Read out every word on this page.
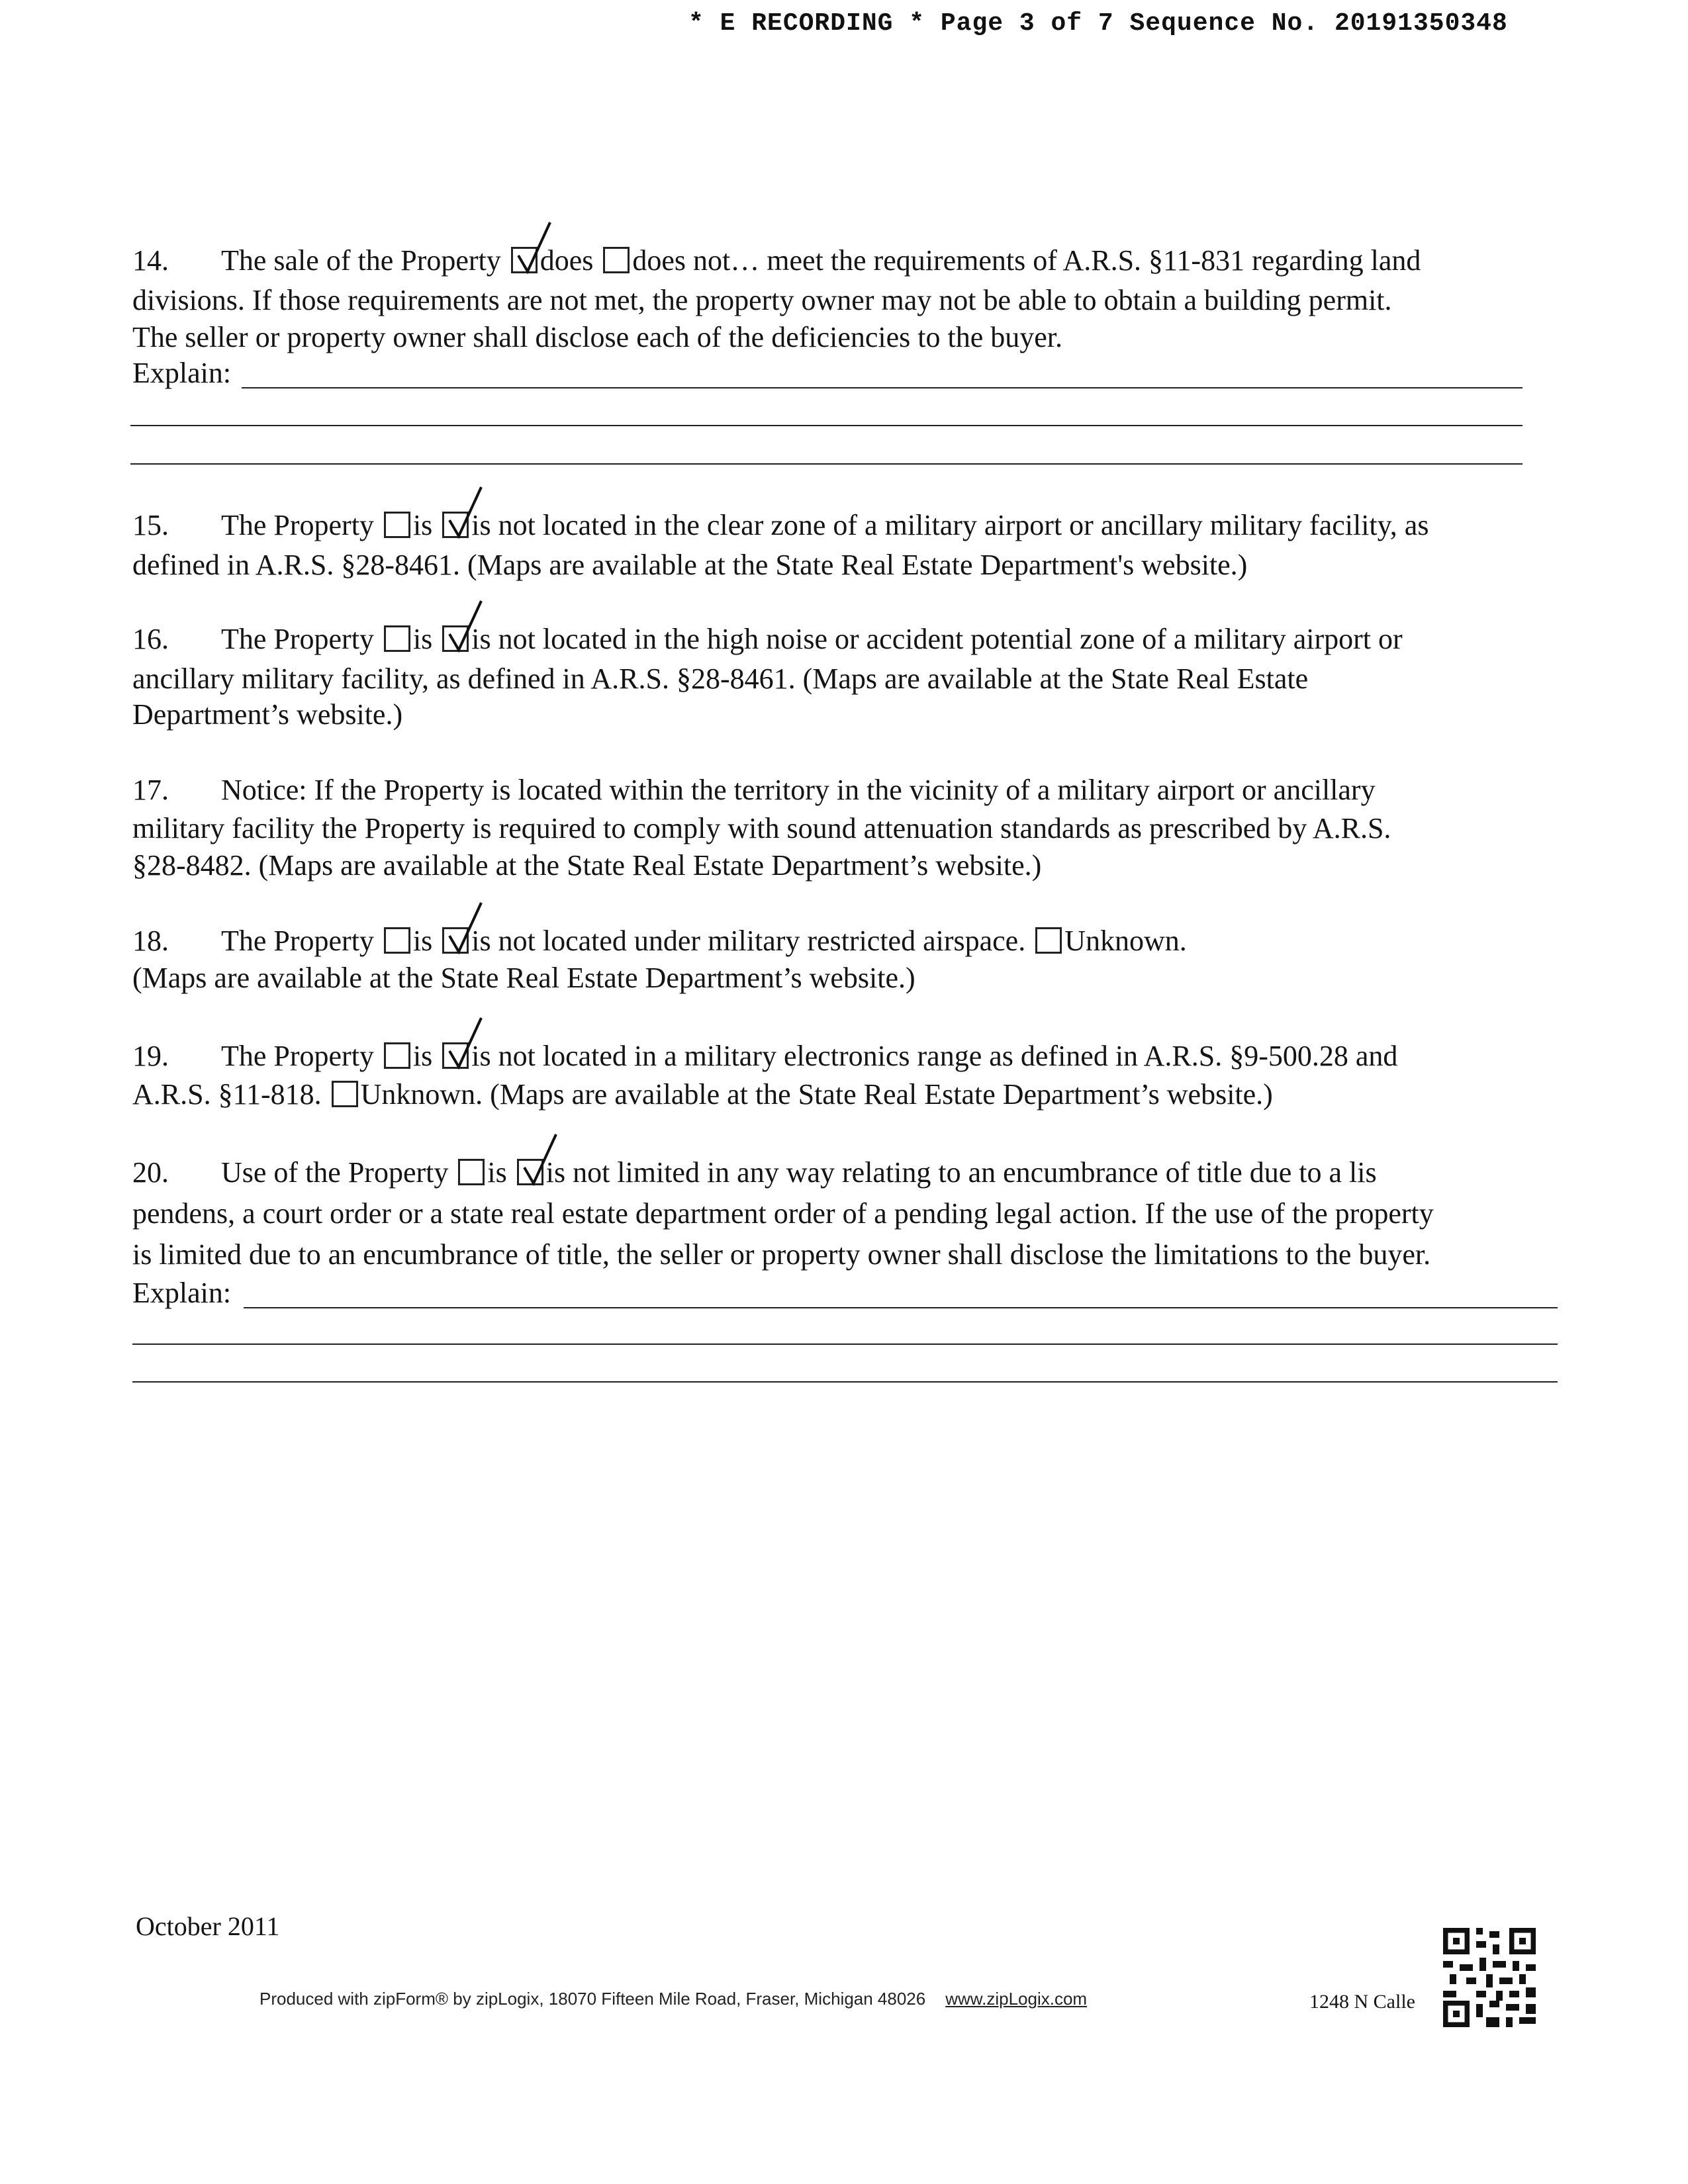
* E RECORDING * Page 3 of 7 Sequence No. 20191350348
14. The sale of the Property does does not… meet the requirements of A.R.S. §11-831 regarding land
divisions. If those requirements are not met, the property owner may not be able to obtain a building permit.
The seller or property owner shall disclose each of the deficiencies to the buyer.
Explain:
15. The Property is is not located in the clear zone of a military airport or ancillary military facility, as
defined in A.R.S. §28-8461. (Maps are available at the State Real Estate Department's website.)
16. The Property is is not located in the high noise or accident potential zone of a military airport or
ancillary military facility, as defined in A.R.S. §28-8461. (Maps are available at the State Real Estate
Department’s website.)
17. Notice: If the Property is located within the territory in the vicinity of a military airport or ancillary
military facility the Property is required to comply with sound attenuation standards as prescribed by A.R.S.
§28-8482. (Maps are available at the State Real Estate Department’s website.)
18. The Property is is not located under military restricted airspace. Unknown.
(Maps are available at the State Real Estate Department’s website.)
19. The Property is is not located in a military electronics range as defined in A.R.S. §9-500.28 and
A.R.S. §11-818. Unknown. (Maps are available at the State Real Estate Department’s website.)
20. Use of the Property is is not limited in any way relating to an encumbrance of title due to a lis
pendens, a court order or a state real estate department order of a pending legal action. If the use of the property
is limited due to an encumbrance of title, the seller or property owner shall disclose the limitations to the buyer.
Explain:
October 2011
Produced with zipForm® by zipLogix, 18070 Fifteen Mile Road, Fraser, Michigan 48026 www.zipLogix.com	1248 N Calle
